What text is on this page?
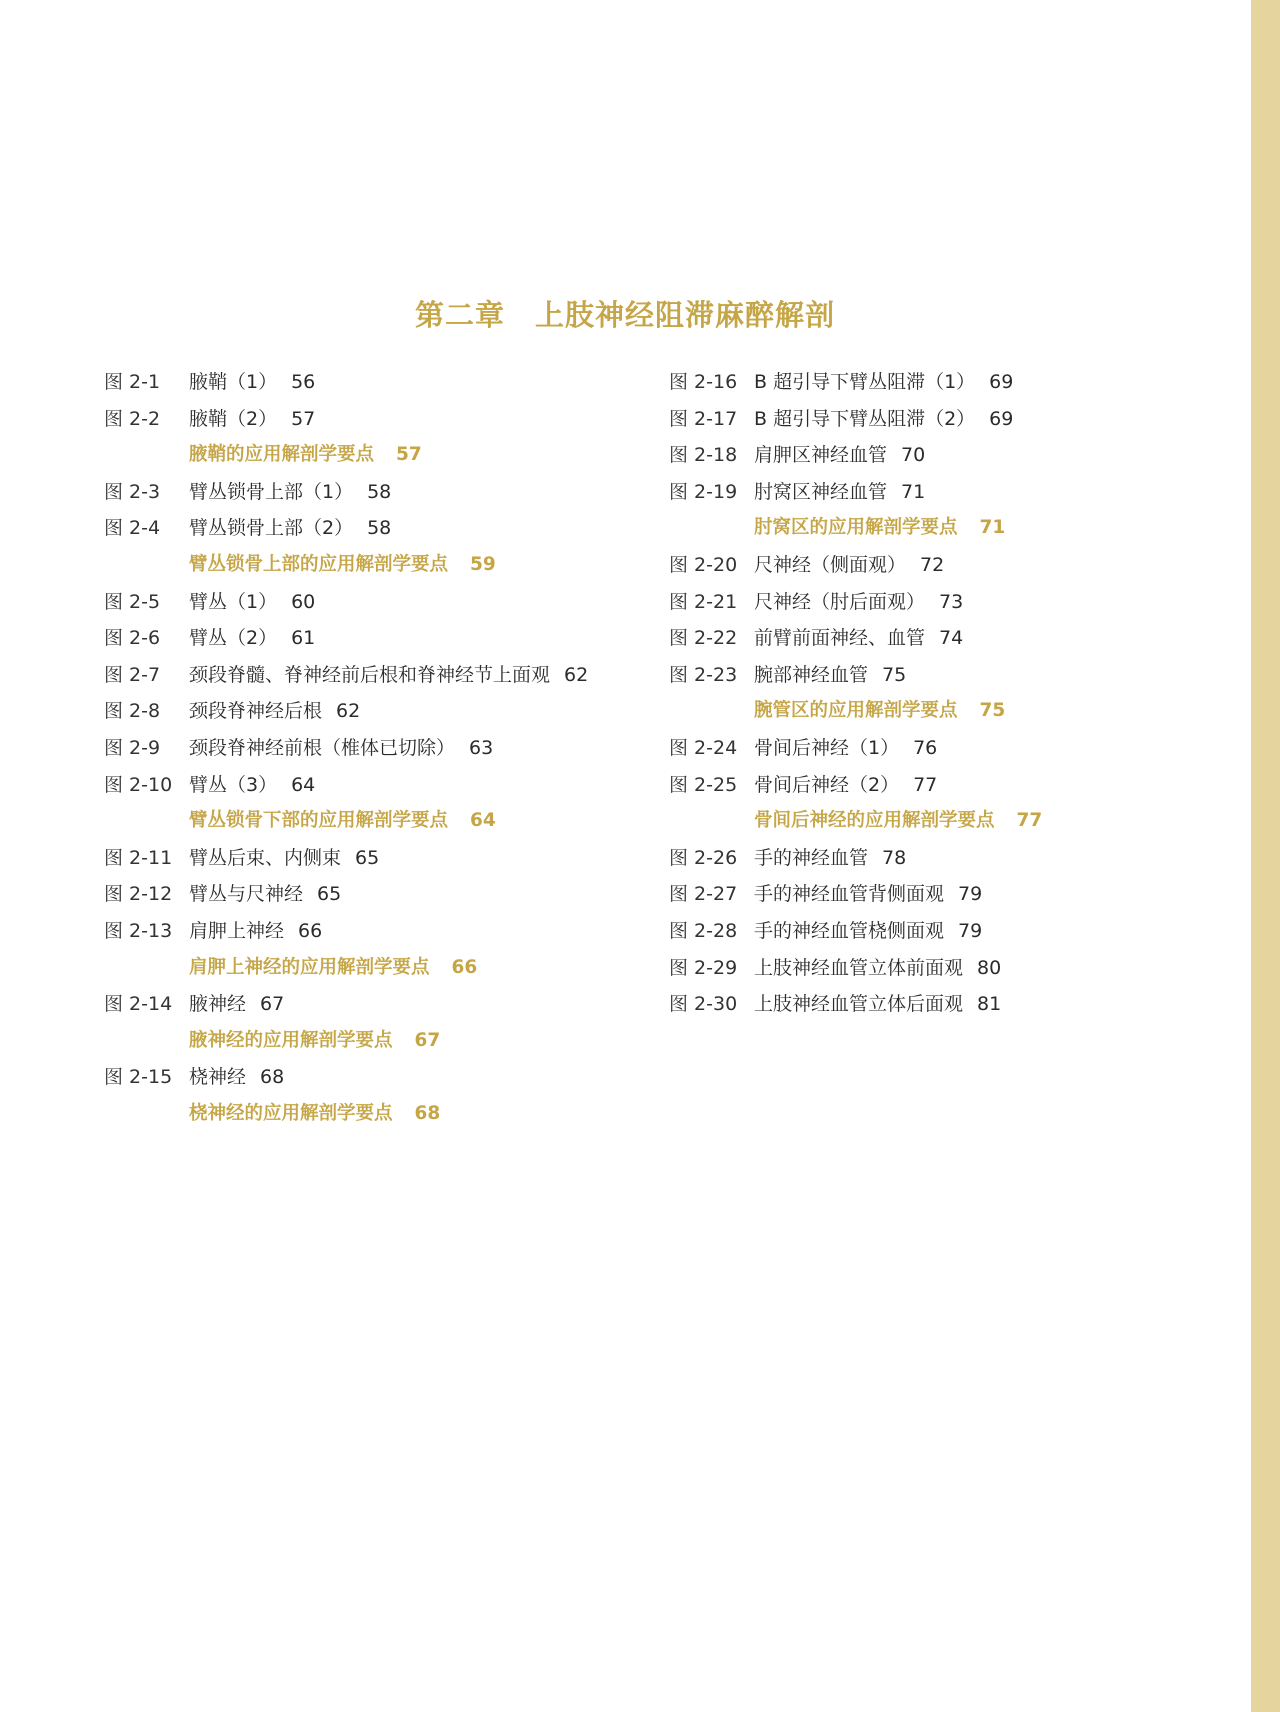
第二章　上肢神经阻滞麻醉解剖
图 2-1 腋鞘（1） 56
图 2-2 腋鞘（2） 57
腋鞘的应用解剖学要点 57
图 2-3 臂丛锁骨上部（1） 58
图 2-4 臂丛锁骨上部（2） 58
臂丛锁骨上部的应用解剖学要点 59
图 2-5 臂丛（1） 60
图 2-6 臂丛（2） 61
图 2-7 颈段脊髓、脊神经前后根和脊神经节上面观 62
图 2-8 颈段脊神经后根 62
图 2-9 颈段脊神经前根（椎体已切除） 63
图 2-10 臂丛（3） 64
臂丛锁骨下部的应用解剖学要点 64
图 2-11 臂丛后束、内侧束 65
图 2-12 臂丛与尺神经 65
图 2-13 肩胛上神经 66
肩胛上神经的应用解剖学要点 66
图 2-14 腋神经 67
腋神经的应用解剖学要点 67
图 2-15 桡神经 68
桡神经的应用解剖学要点 68
图 2-16 B 超引导下臂丛阻滞（1） 69
图 2-17 B 超引导下臂丛阻滞（2） 69
图 2-18 肩胛区神经血管 70
图 2-19 肘窝区神经血管 71
肘窝区的应用解剖学要点 71
图 2-20 尺神经（侧面观） 72
图 2-21 尺神经（肘后面观） 73
图 2-22 前臂前面神经、血管 74
图 2-23 腕部神经血管 75
腕管区的应用解剖学要点 75
图 2-24 骨间后神经（1） 76
图 2-25 骨间后神经（2） 77
骨间后神经的应用解剖学要点 77
图 2-26 手的神经血管 78
图 2-27 手的神经血管背侧面观 79
图 2-28 手的神经血管桡侧面观 79
图 2-29 上肢神经血管立体前面观 80
图 2-30 上肢神经血管立体后面观 81
